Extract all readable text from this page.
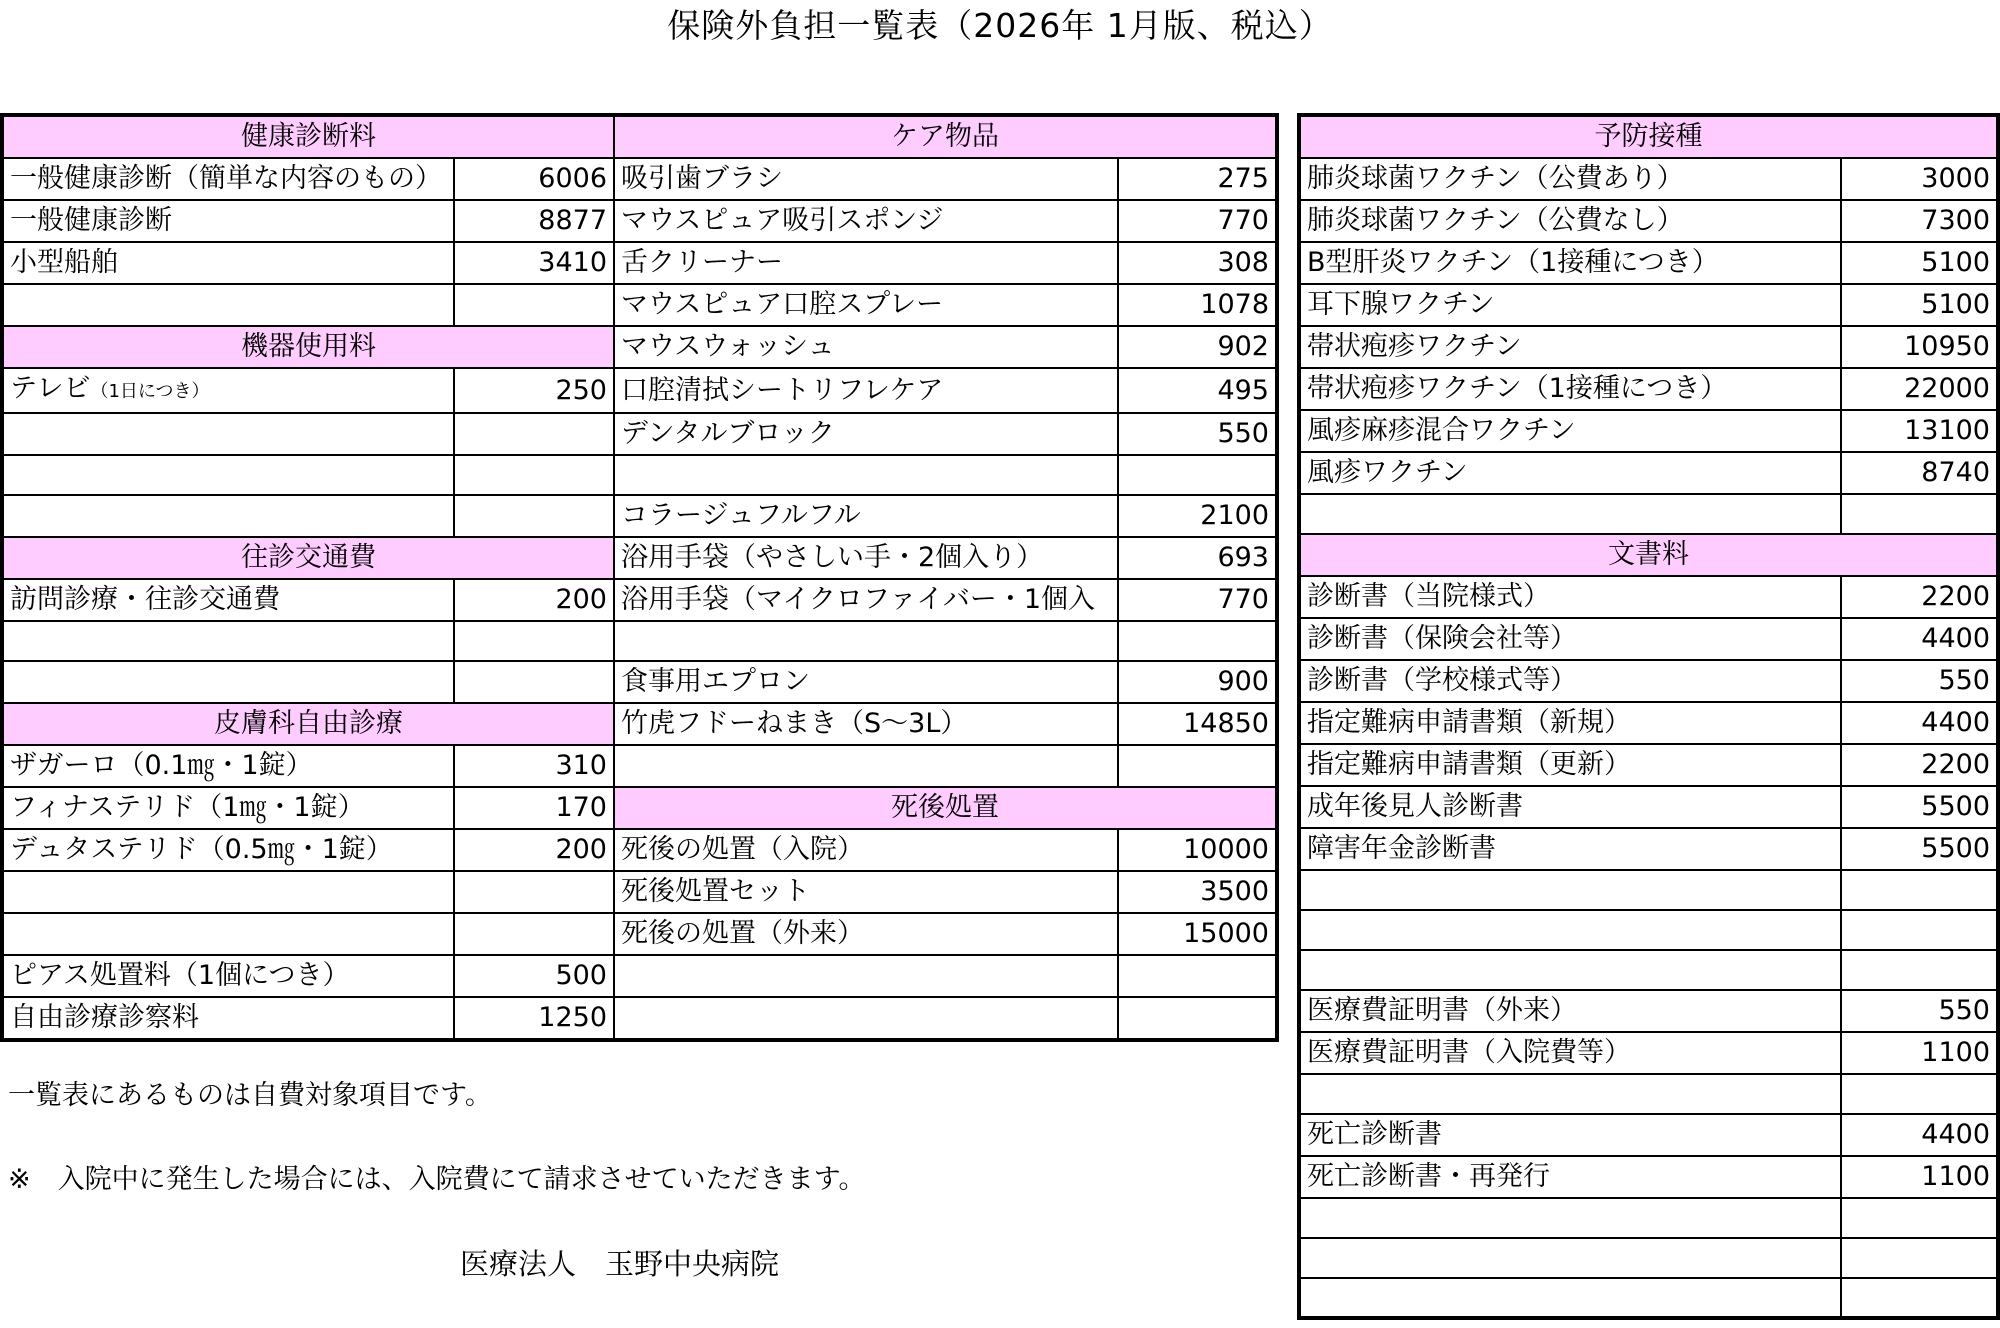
保険外負担一覧表（2026年 1月版、税込）
健康診断料		ケア物品	
一般健康診断（簡単な内容のもの）	6006	吸引歯ブラシ	275
一般健康診断	8877	マウスピュア吸引スポンジ	770
小型船舶	3410	舌クリーナー	308
		マウスピュア口腔スプレー	1078
機器使用料		マウスウォッシュ	902
テレビ（1日につき）	250	口腔清拭シートリフレケア	495
		デンタルブロック	550

		コラージュフルフル	2100
往診交通費		浴用手袋（やさしい手・2個入り）	693
訪問診療・往診交通費	200	浴用手袋（マイクロファイバー・1個入	770

		食事用エプロン	900
皮膚科自由診療		竹虎フドーねまき（S～3L）	14850
ザガーロ（0.1㎎・1錠）	310		
フィナステリド（1㎎・1錠）	170	死後処置	
デュタステリド（0.5㎎・1錠）	200	死後の処置（入院）	10000
		死後処置セット	3500
		死後の処置（外来）	15000
ピアス処置料（1個につき）	500		
自由診療診察料	1250		
予防接種	
肺炎球菌ワクチン（公費あり）	3000
肺炎球菌ワクチン（公費なし）	7300
B型肝炎ワクチン（1接種につき）	5100
耳下腺ワクチン	5100
帯状疱疹ワクチン	10950
帯状疱疹ワクチン（1接種につき）	22000
風疹麻疹混合ワクチン	13100
風疹ワクチン	8740

文書料	
診断書（当院様式）	2200
診断書（保険会社等）	4400
診断書（学校様式等）	550
指定難病申請書類（新規）	4400
指定難病申請書類（更新）	2200
成年後見人診断書	5500
障害年金診断書	5500

医療費証明書（外来）	550
医療費証明書（入院費等）	1100

死亡診断書	4400
死亡診断書・再発行	1100

一覧表にあるものは自費対象項目です。
※　入院中に発生した場合には、入院費にて請求させていただきます。
医療法人　玉野中央病院
